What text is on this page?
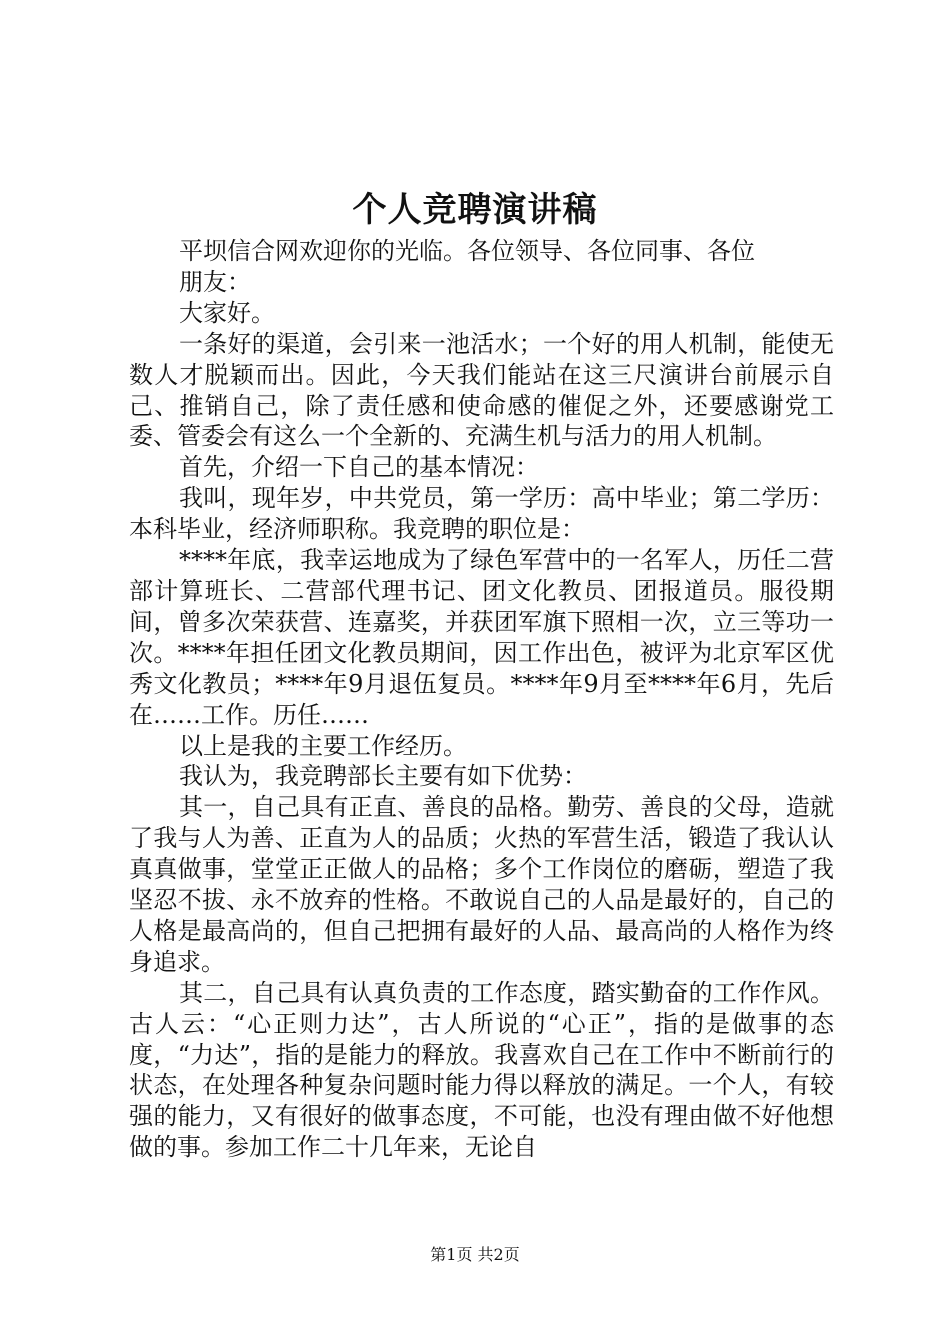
个人竞聘演讲稿

平坝信合网欢迎你的光临。各位领导、各位同事、各位

朋友：

大家好。

一条好的渠道，会引来一池活水；一个好的用人机制，能使无数人才脱颖而出。因此，今天我们能站在这三尺演讲台前展示自己、推销自己，除了责任感和使命感的催促之外，还要感谢党工委、管委会有这么一个全新的、充满生机与活力的用人机制。

首先，介绍一下自己的基本情况：

我叫，现年岁，中共党员，第一学历：高中毕业；第二学历：本科毕业，经济师职称。我竞聘的职位是：

****年底，我幸运地成为了绿色军营中的一名军人，历任二营部计算班长、二营部代理书记、团文化教员、团报道员。服役期间，曾多次荣获营、连嘉奖，并获团军旗下照相一次，立三等功一次。****年担任团文化教员期间，因工作出色，被评为北京军区优秀文化教员；****年9月退伍复员。****年9月至****年6月，先后在……工作。历任……

以上是我的主要工作经历。

我认为，我竞聘部长主要有如下优势：

其一，自己具有正直、善良的品格。勤劳、善良的父母，造就了我与人为善、正直为人的品质；火热的军营生活，锻造了我认认真真做事，堂堂正正做人的品格；多个工作岗位的磨砺，塑造了我坚忍不拔、永不放弃的性格。不敢说自己的人品是最好的，自己的人格是最高尚的，但自己把拥有最好的人品、最高尚的人格作为终身追求。

其二，自己具有认真负责的工作态度，踏实勤奋的工作作风。古人云：“心正则力达”，古人所说的“心正”，指的是做事的态度，“力达”，指的是能力的释放。我喜欢自己在工作中不断前行的状态，在处理各种复杂问题时能力得以释放的满足。一个人，有较强的能力，又有很好的做事态度，不可能，也没有理由做不好他想做的事。参加工作二十几年来，无论自

第1页 共2页
